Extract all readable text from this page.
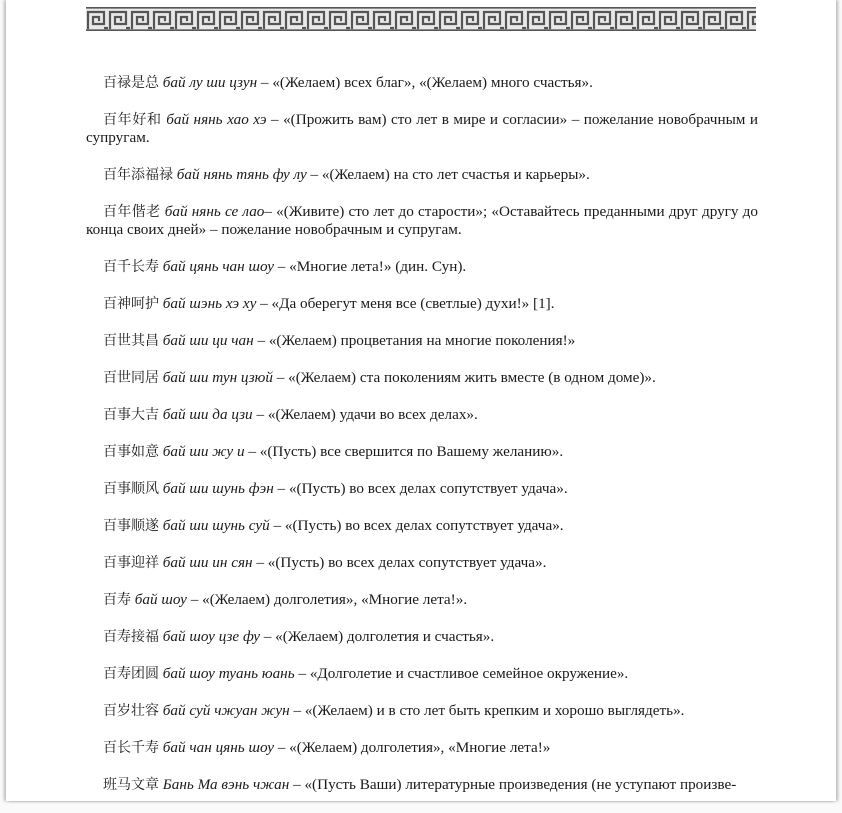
百禄是总 бай лу ши цзун – «(Желаем) всех благ», «(Желаем) много счастья».

百年好和 бай нянь хао хэ – «(Прожить вам) сто лет в мире и согласии» – пожелание новобрачным и супругам.

百年添福禄 бай нянь тянь фу лу – «(Желаем) на сто лет счастья и карьеры».

百年偕老 бай нянь се лао– «(Живите) сто лет до старости»; «Оставайтесь преданными друг другу до конца своих дней» – пожелание новобрачным и супругам.

百千长寿 бай цянь чан шоу – «Многие лета!» (дин. Сун).

百神呵护 бай шэнь хэ ху – «Да оберегут меня все (светлые) духи!» [1].

百世其昌 бай ши ци чан – «(Желаем) процветания на многие поколения!»

百世同居 бай ши тун цзюй – «(Желаем) ста поколениям жить вместе (в одном доме)».

百事大吉 бай ши да цзи – «(Желаем) удачи во всех делах».

百事如意 бай ши жу и – «(Пусть) все свершится по Вашему желанию».

百事顺风 бай ши шунь фэн – «(Пусть) во всех делах сопутствует удача».

百事顺遂 бай ши шунь суй – «(Пусть) во всех делах сопутствует удача».

百事迎祥 бай ши ин сян – «(Пусть) во всех делах сопутствует удача».

百寿 бай шоу – «(Желаем) долголетия», «Многие лета!».

百寿接福 бай шоу цзе фу – «(Желаем) долголетия и счастья».

百寿团圆 бай шоу туань юань – «Долголетие и счастливое семейное окружение».

百岁壮容 бай суй чжуан жун – «(Желаем) и в сто лет быть крепким и хорошо выглядеть».

百长千寿 бай чан цянь шоу – «(Желаем) долголетия», «Многие лета!»

班马文章 Бань Ма вэнь чжан – «(Пусть Ваши) литературные произведения (не уступают произве-
